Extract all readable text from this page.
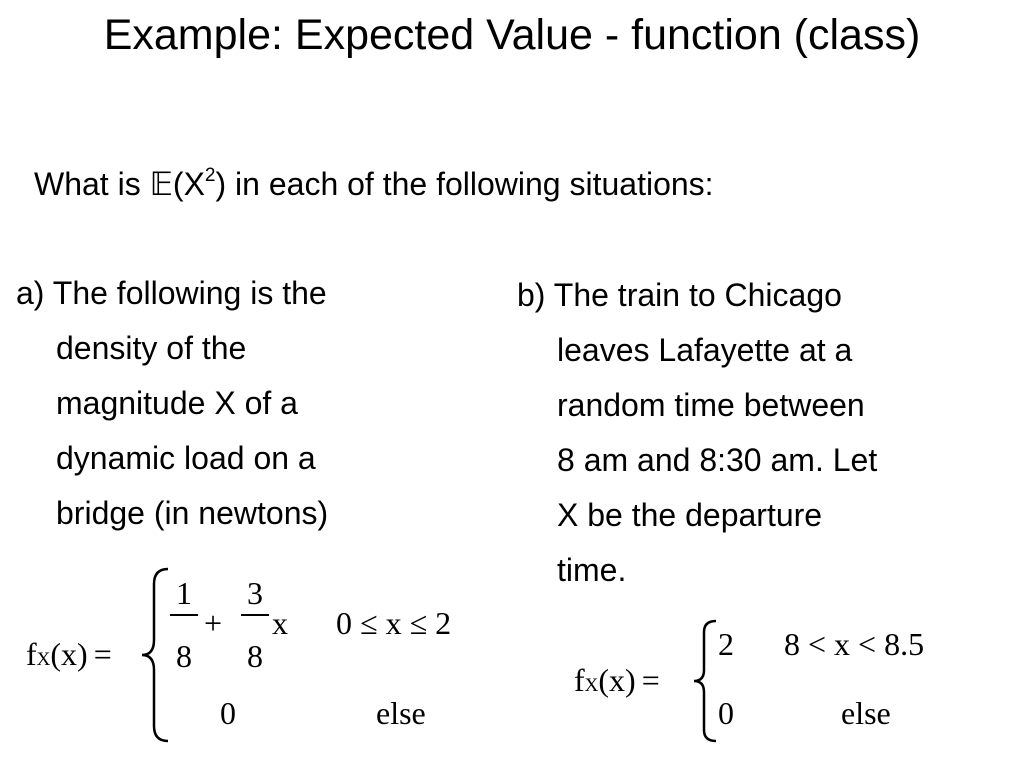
Example: Expected Value - function (class)
What is $𝔼(X^2)$ in each of the following situations:
a) The following is the
density of the
magnitude X of a
dynamic load on a
bridge (in newtons)
b) The train to Chicago
leaves Lafayette at a
random time between
8 am and 8:30 am. Let
X be the departure
time.
fX(x) =
1
8
+
3
8
x 0 ≤ x ≤ 2
0	else
fX(x) =
2 8 < x < 8.5
0	else
